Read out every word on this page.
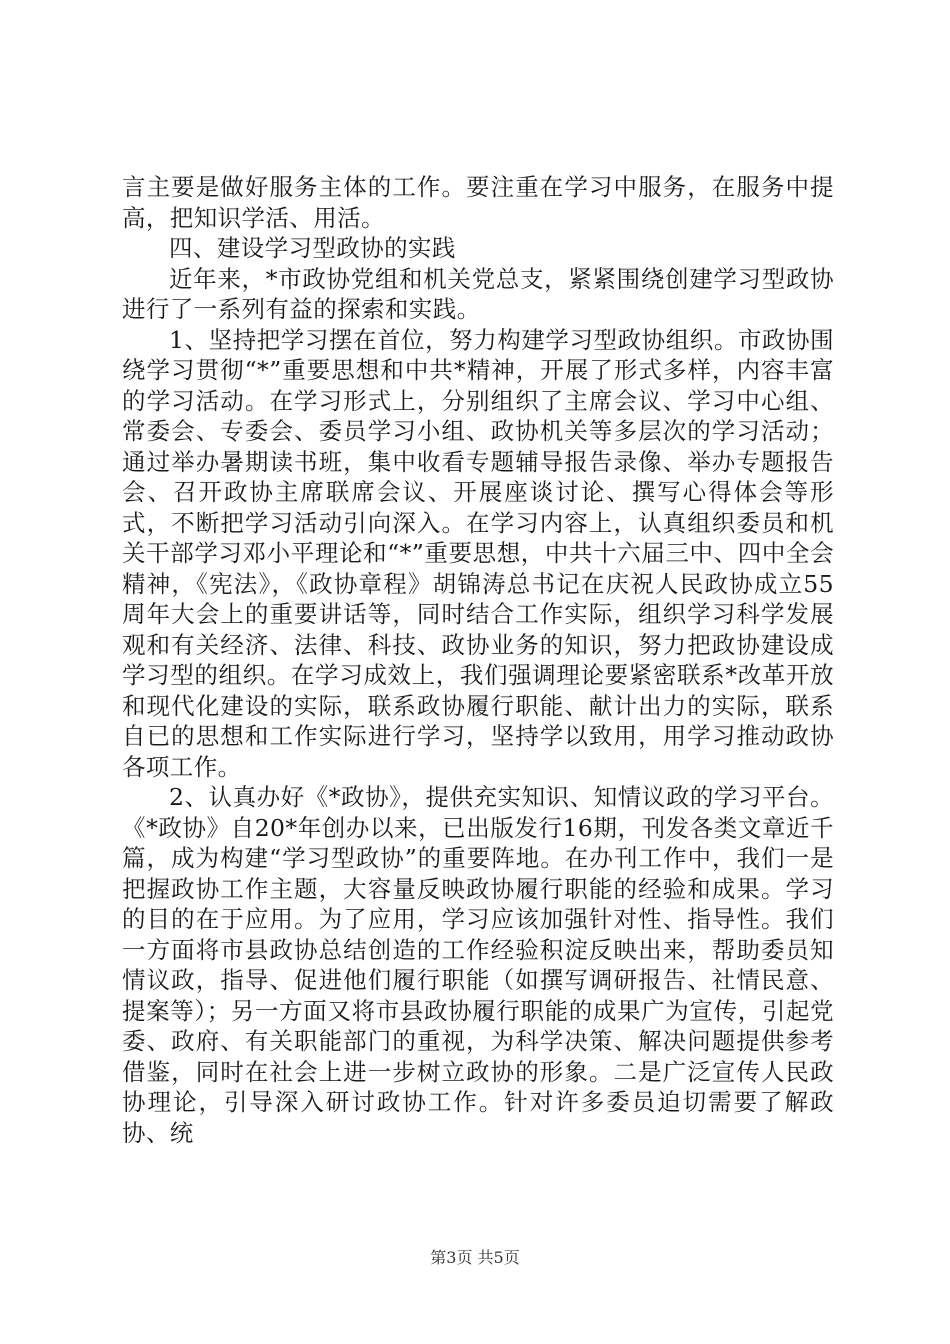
言主要是做好服务主体的工作。要注重在学习中服务，在服务中提高，把知识学活、用活。

四、建设学习型政协的实践

近年来，*市政协党组和机关党总支，紧紧围绕创建学习型政协进行了一系列有益的探索和实践。

1、坚持把学习摆在首位，努力构建学习型政协组织。市政协围绕学习贯彻“*”重要思想和中共*精神，开展了形式多样，内容丰富的学习活动。在学习形式上，分别组织了主席会议、学习中心组、常委会、专委会、委员学习小组、政协机关等多层次的学习活动；通过举办暑期读书班，集中收看专题辅导报告录像、举办专题报告会、召开政协主席联席会议、开展座谈讨论、撰写心得体会等形式，不断把学习活动引向深入。在学习内容上，认真组织委员和机关干部学习邓小平理论和“*”重要思想，中共十六届三中、四中全会精神，《宪法》，《政协章程》胡锦涛总书记在庆祝人民政协成立55周年大会上的重要讲话等，同时结合工作实际，组织学习科学发展观和有关经济、法律、科技、政协业务的知识，努力把政协建设成学习型的组织。在学习成效上，我们强调理论要紧密联系*改革开放和现代化建设的实际，联系政协履行职能、献计出力的实际，联系自已的思想和工作实际进行学习，坚持学以致用，用学习推动政协各项工作。

2、认真办好《*政协》，提供充实知识、知情议政的学习平台。《*政协》自20*年创办以来，已出版发行16期，刊发各类文章近千篇，成为构建“学习型政协”的重要阵地。在办刊工作中，我们一是把握政协工作主题，大容量反映政协履行职能的经验和成果。学习的目的在于应用。为了应用，学习应该加强针对性、指导性。我们一方面将市县政协总结创造的工作经验积淀反映出来，帮助委员知情议政，指导、促进他们履行职能（如撰写调研报告、社情民意、提案等）；另一方面又将市县政协履行职能的成果广为宣传，引起党委、政府、有关职能部门的重视，为科学决策、解决问题提供参考借鉴，同时在社会上进一步树立政协的形象。二是广泛宣传人民政协理论，引导深入研讨政协工作。针对许多委员迫切需要了解政协、统

第3页 共5页
